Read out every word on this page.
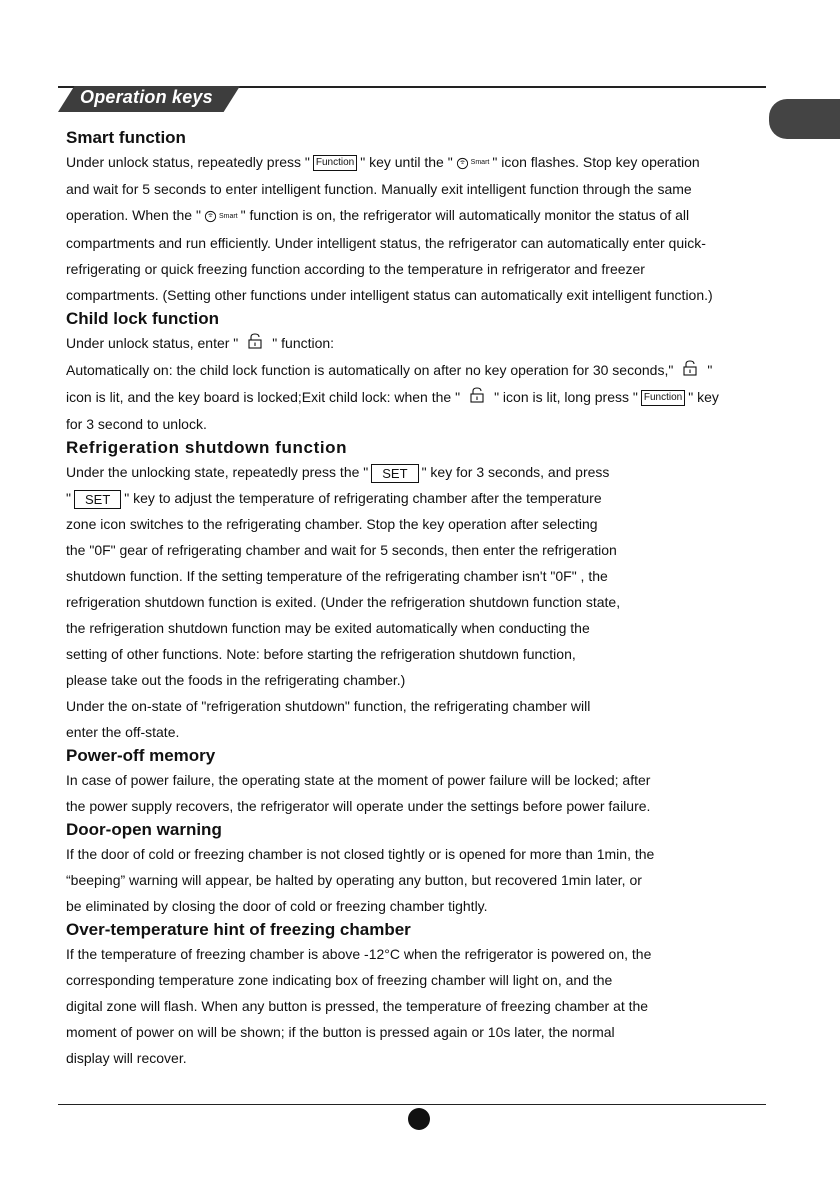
Operation keys
Smart function
Under unlock status, repeatedly press " Function " key until the "	Smart " icon flashes. Stop key operation
and wait for 5 seconds to enter intelligent function. Manually exit intelligent function through the same
operation. When the "	Smart " function is on, the refrigerator will automatically monitor the status of all
compartments and run efficiently. Under intelligent status, the refrigerator can automatically enter quick-
refrigerating or quick freezing function according to the temperature in refrigerator and freezer
compartments. (Setting other functions under intelligent status can automatically exit intelligent function.)
Child lock function
Under unlock status, enter " " function:
Automatically on: the child lock function is automatically on after no key operation for 30 seconds," "
icon is lit, and the key board is locked;Exit child lock: when the " " icon is lit, long press " Function " key
for 3 second to unlock.
Refrigeration shutdown function
Under the unlocking state, repeatedly press the " SET " key for 3 seconds, and press
" SET " key to adjust the temperature of refrigerating chamber after the temperature
zone icon switches to the refrigerating chamber. Stop the key operation after selecting
the "0F" gear of refrigerating chamber and wait for 5 seconds, then enter the refrigeration
shutdown function. If the setting temperature of the refrigerating chamber isn't "0F" , the
refrigeration shutdown function is exited. (Under the refrigeration shutdown function state,
the refrigeration shutdown function may be exited automatically when conducting the
setting of other functions. Note: before starting the refrigeration shutdown function,
please take out the foods in the refrigerating chamber.)
Under the on-state of "refrigeration shutdown" function, the refrigerating chamber will
enter the off-state.
Power-off memory
In case of power failure, the operating state at the moment of power failure will be locked; after
the power supply recovers, the refrigerator will operate under the settings before power failure.
Door-open warning
If the door of cold or freezing chamber is not closed tightly or is opened for more than 1min, the
“beeping” warning will appear, be halted by operating any button, but recovered 1min later, or
be eliminated by closing the door of cold or freezing chamber tightly.
Over-temperature hint of freezing chamber
If the temperature of freezing chamber is above -12°C when the refrigerator is powered on, the
corresponding temperature zone indicating box of freezing chamber will light on, and the
digital zone will flash. When any button is pressed, the temperature of freezing chamber at the
moment of power on will be shown; if the button is pressed again or 10s later, the normal
display will recover.
